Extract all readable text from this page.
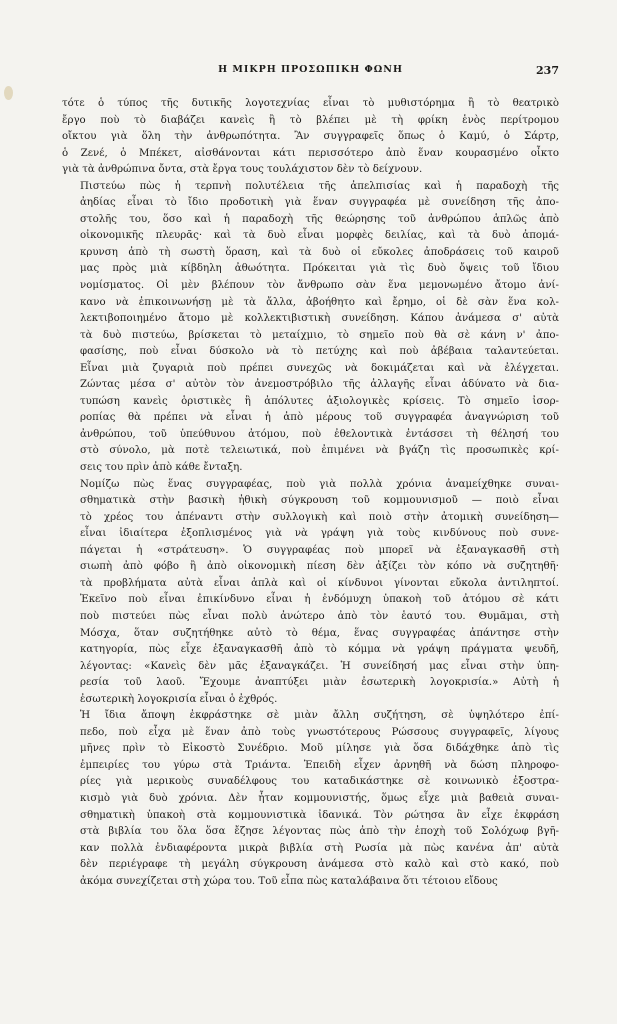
Η ΜΙΚΡΗ ΠΡΟΣΩΠΙΚΗ ΦΩΝΗ	237
τότε ὁ τύπος τῆς δυτικῆς λογοτεχνίας εἶναι τὸ μυθιστόρημα ἢ τὸ θεατρικὸ
ἔργο ποὺ τὸ διαβάζει κανεὶς ἢ τὸ βλέπει μὲ τὴ φρίκη ἑνὸς περίτρομου
οἴκτου γιὰ ὅλη τὴν ἀνθρωπότητα. Ἂν συγγραφεῖς ὅπως ὁ Καμύ, ὁ Σάρτρ,
ὁ Ζενέ, ὁ Μπέκετ, αἰσθάνονται κάτι περισσότερο ἀπὸ ἕναν κουρασμένο οἶκτο
γιὰ τὰ ἀνθρώπινα ὄντα, στὰ ἔργα τους τουλάχιστον δὲν τὸ δείχνουν.
Πιστεύω πὼς ἡ τερπνὴ πολυτέλεια τῆς ἀπελπισίας καὶ ἡ παραδοχὴ τῆς
ἀηδίας εἶναι τὸ ἴδιο προδοτικὴ γιὰ ἕναν συγγραφέα μὲ συνείδηση τῆς ἀπο-
στολῆς του, ὅσο καὶ ἡ παραδοχὴ τῆς θεώρησης τοῦ ἀνθρώπου ἁπλῶς ἀπὸ
οἰκονομικῆς πλευρᾶς· καὶ τὰ δυὸ εἶναι μορφὲς δειλίας, καὶ τὰ δυὸ ἀπομά-
κρυνση ἀπὸ τὴ σωστὴ ὅραση, καὶ τὰ δυὸ οἱ εὔκολες ἀποδράσεις τοῦ καιροῦ
μας πρὸς μιὰ κίβδηλη ἀθωότητα. Πρόκειται γιὰ τὶς δυὸ ὄψεις τοῦ ἴδιου
νομίσματος. Οἱ μὲν βλέπουν τὸν ἄνθρωπο σὰν ἕνα μεμονωμένο ἄτομο ἀνί-
κανο νὰ ἐπικοινωνήσῃ μὲ τὰ ἄλλα, ἀβοήθητο καὶ ἔρημο, οἱ δὲ σὰν ἕνα κολ-
λεκτιβοποιημένο ἄτομο μὲ κολλεκτιβιστικὴ συνείδηση. Κάπου ἀνάμεσα σ' αὐτὰ
τὰ δυὸ πιστεύω, βρίσκεται τὸ μεταίχμιο, τὸ σημεῖο ποὺ θὰ σὲ κάνη ν' ἀπο-
φασίσης, ποὺ εἶναι δύσκολο νὰ τὸ πετύχης καὶ ποὺ ἀβέβαια ταλαντεύεται.
Εἶναι μιὰ ζυγαριὰ ποὺ πρέπει συνεχῶς νὰ δοκιμάζεται καὶ νὰ ἐλέγχεται.
Ζώντας μέσα σ' αὐτὸν τὸν ἀνεμοστρόβιλο τῆς ἀλλαγῆς εἶναι ἀδύνατο νὰ δια-
τυπώση κανεὶς ὁριστικὲς ἢ ἀπόλυτες ἀξιολογικὲς κρίσεις. Τὸ σημεῖο ἰσορ-
ροπίας θὰ πρέπει νὰ εἶναι ἡ ἀπὸ μέρους τοῦ συγγραφέα ἀναγνώριση τοῦ
ἀνθρώπου, τοῦ ὑπεύθυνου ἀτόμου, ποὺ ἐθελοντικὰ ἐντάσσει τὴ θέλησή του
στὸ σύνολο, μὰ ποτὲ τελειωτικά, ποὺ ἐπιμένει νὰ βγάζη τὶς προσωπικὲς κρί-
σεις του πρὶν ἀπὸ κάθε ἔνταξη.
Νομίζω πὼς ἕνας συγγραφέας, ποὺ γιὰ πολλὰ χρόνια ἀναμείχθηκε συναι-
σθηματικὰ στὴν βασικὴ ἠθικὴ σύγκρουση τοῦ κομμουνισμοῦ — ποιὸ εἶναι
τὸ χρέος του ἀπέναντι στὴν συλλογικὴ καὶ ποιὸ στὴν ἀτομικὴ συνείδηση—
εἶναι ἰδιαίτερα ἐξοπλισμένος γιὰ νὰ γράψη γιὰ τοὺς κινδύνους ποὺ συνε-
πάγεται ἡ «στράτευση». Ὁ συγγραφέας ποὺ μπορεῖ νὰ ἐξαναγκασθῆ στὴ
σιωπὴ ἀπὸ φόβο ἢ ἀπὸ οἰκονομικὴ πίεση δὲν ἀξίζει τὸν κόπο νὰ συζητηθῆ·
τὰ προβλήματα αὐτὰ εἶναι ἁπλὰ καὶ οἱ κίνδυνοι γίνονται εὔκολα ἀντιληπτοί.
Ἐκεῖνο ποὺ εἶναι ἐπικίνδυνο εἶναι ἡ ἐνδόμυχη ὑπακοὴ τοῦ ἀτόμου σὲ κάτι
ποὺ πιστεύει πὼς εἶναι πολὺ ἀνώτερο ἀπὸ τὸν ἑαυτό του. Θυμᾶμαι, στὴ
Μόσχα, ὅταν συζητήθηκε αὐτὸ τὸ θέμα, ἕνας συγγραφέας ἀπάντησε στὴν
κατηγορία, πὼς εἶχε ἐξαναγκασθῆ ἀπὸ τὸ κόμμα νὰ γράψη πράγματα ψευδῆ,
λέγοντας: «Κανεὶς δὲν μᾶς ἐξαναγκάζει. Ἡ συνείδησή μας εἶναι στὴν ὑπη-
ρεσία τοῦ λαοῦ. Ἔχουμε ἀναπτύξει μιὰν ἐσωτερικὴ λογοκρισία.» Αὐτὴ ἡ
ἐσωτερικὴ λογοκρισία εἶναι ὁ ἐχθρός.
Ἡ ἴδια ἄποψη ἐκφράστηκε σὲ μιὰν ἄλλη συζήτηση, σὲ ὑψηλότερο ἐπί-
πεδο, ποὺ εἶχα μὲ ἕναν ἀπὸ τοὺς γνωστότερους Ρώσσους συγγραφεῖς, λίγους
μῆνες πρὶν τὸ Εἰκοστὸ Συνέδριο. Μοῦ μίλησε γιὰ ὅσα διδάχθηκε ἀπὸ τὶς
ἐμπειρίες του γύρω στὰ Τριάντα. Ἐπειδὴ εἶχεν ἀρνηθῆ νὰ δώση πληροφο-
ρίες γιὰ μερικοὺς συναδέλφους του καταδικάστηκε σὲ κοινωνικὸ ἐξοστρα-
κισμὸ γιὰ δυὸ χρόνια. Δὲν ἦταν κομμουνιστής, ὅμως εἶχε μιὰ βαθειὰ συναι-
σθηματικὴ ὑπακοὴ στὰ κομμουνιστικὰ ἰδανικά. Τὸν ρώτησα ἂν εἶχε ἐκφράση
στὰ βιβλία του ὅλα ὅσα ἔζησε λέγοντας πὼς ἀπὸ τὴν ἐποχὴ τοῦ Σολόχωφ βγῆ-
καν πολλὰ ἐνδιαφέροντα μικρὰ βιβλία στὴ Ρωσία μὰ πὼς κανένα ἀπ' αὐτὰ
δὲν περιέγραφε τὴ μεγάλη σύγκρουση ἀνάμεσα στὸ καλὸ καὶ στὸ κακό, ποὺ
ἀκόμα συνεχίζεται στὴ χώρα του. Τοῦ εἶπα πὼς καταλάβαινα ὅτι τέτοιου εἴδους
